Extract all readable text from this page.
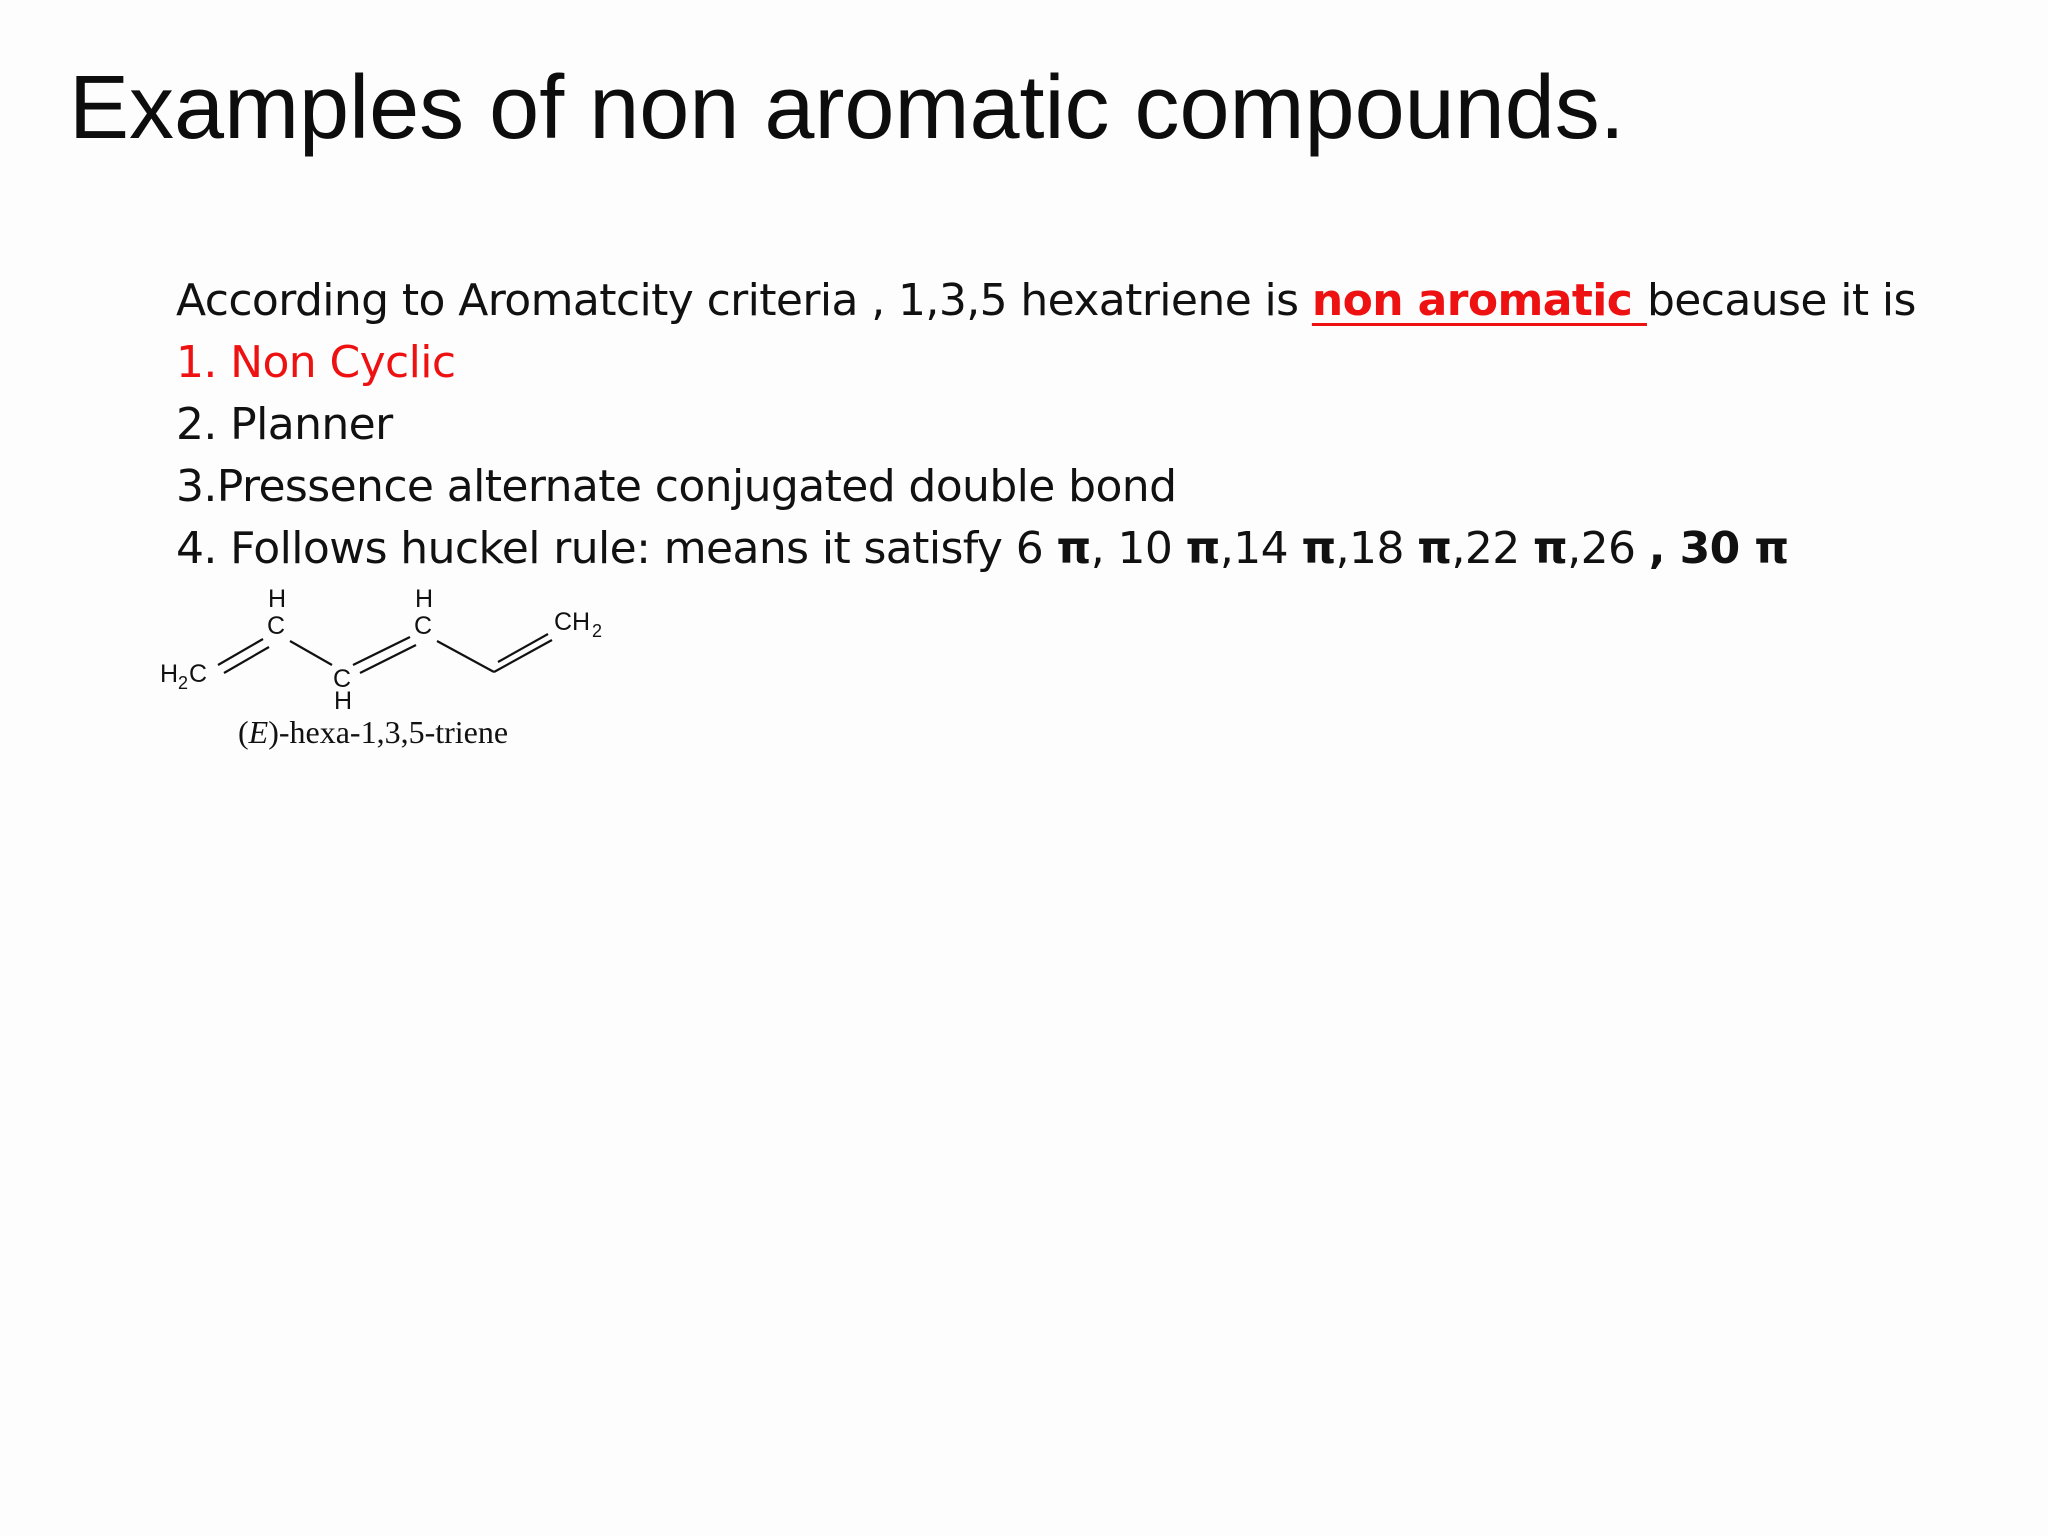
Examples of non aromatic compounds.
According to Aromatcity criteria , 1,3,5 hexatriene is non aromatic because it is
1. Non Cyclic
2. Planner
3.Pressence alternate conjugated double bond
4. Follows huckel rule: means it satisfy 6 π, 10 π,14 π,18 π,22 π,26 , 30 π
H 2 C
H
C
C
H
H
C	CH 2
(E)-hexa-1,3,5-triene
